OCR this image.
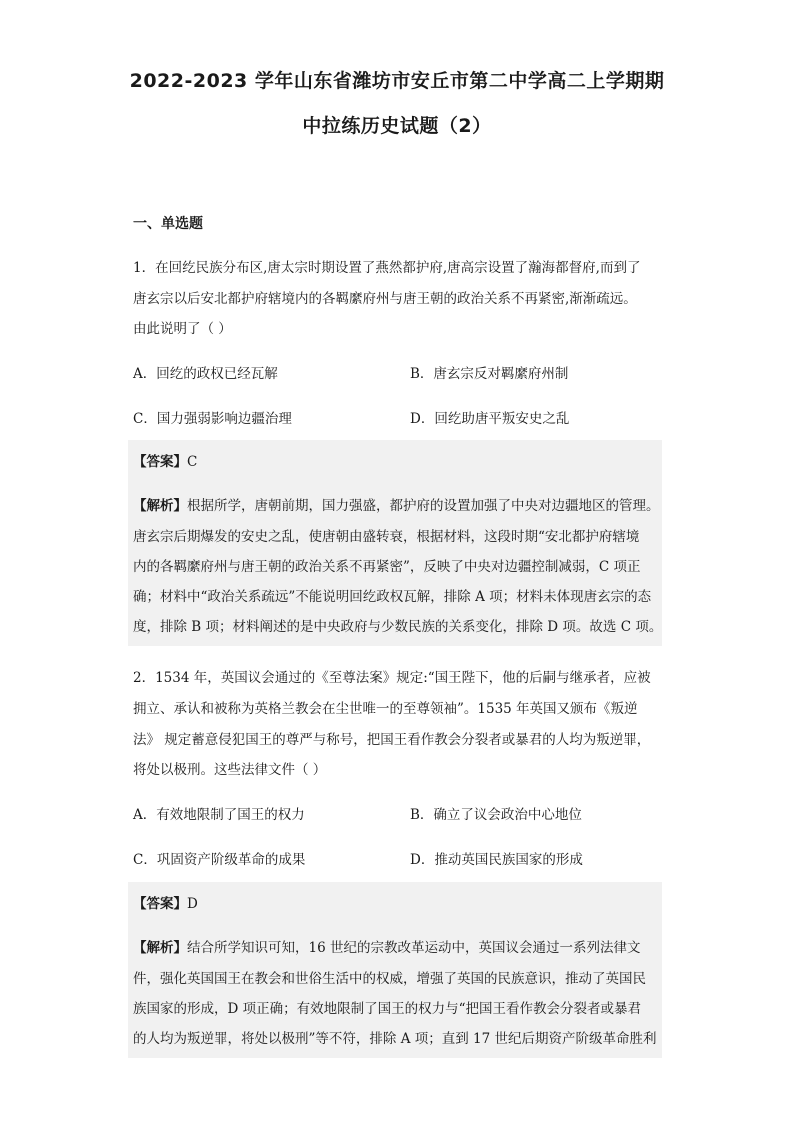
2022-2023 学年山东省潍坊市安丘市第二中学高二上学期期
中拉练历史试题（2）
一、单选题
1．在回纥民族分布区,唐太宗时期设置了燕然都护府,唐高宗设置了瀚海都督府,而到了
唐玄宗以后安北都护府辖境内的各羁縻府州与唐王朝的政治关系不再紧密,渐渐疏远。
由此说明了（ ）
A．回纥的政权已经瓦解	B．唐玄宗反对羁縻府州制
C．国力强弱影响边疆治理	D．回纥助唐平叛安史之乱
【答案】C
【解析】根据所学，唐朝前期，国力强盛，都护府的设置加强了中央对边疆地区的管理。
唐玄宗后期爆发的安史之乱，使唐朝由盛转衰，根据材料，这段时期“安北都护府辖境
内的各羁縻府州与唐王朝的政治关系不再紧密”，反映了中央对边疆控制减弱，C 项正
确；材料中“政治关系疏远”不能说明回纥政权瓦解，排除 A 项；材料未体现唐玄宗的态
度，排除 B 项；材料阐述的是中央政府与少数民族的关系变化，排除 D 项。故选 C 项。
2．1534 年，英国议会通过的《至尊法案》规定:“国王陛下，他的后嗣与继承者，应被
拥立、承认和被称为英格兰教会在尘世唯一的至尊领袖”。1535 年英国又颁布《叛逆
法》 规定蓄意侵犯国王的尊严与称号，把国王看作教会分裂者或暴君的人均为叛逆罪，
将处以极刑。这些法律文件（ ）
A．有效地限制了国王的权力	B．确立了议会政治中心地位
C．巩固资产阶级革命的成果	D．推动英国民族国家的形成
【答案】D
【解析】结合所学知识可知，16 世纪的宗教改革运动中，英国议会通过一系列法律文
件，强化英国国王在教会和世俗生活中的权威，增强了英国的民族意识，推动了英国民
族国家的形成，D 项正确；有效地限制了国王的权力与“把国王看作教会分裂者或暴君
的人均为叛逆罪，将处以极刑”等不符，排除 A 项；直到 17 世纪后期资产阶级革命胜利
